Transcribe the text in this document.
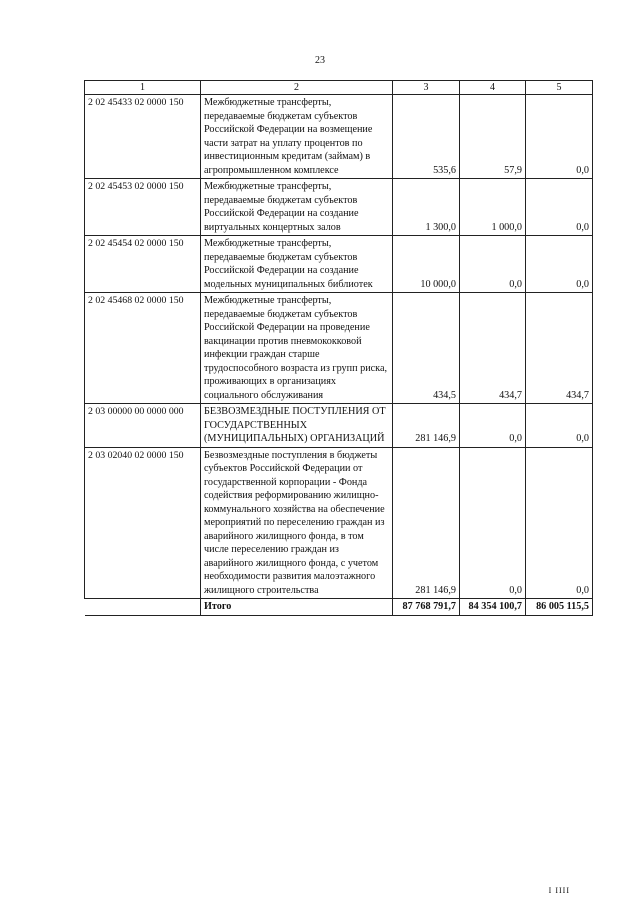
23
1	2	3	4	5
2 02 45433 02 0000 150	Межбюджетные трансферты, передаваемые бюджетам субъектов Российской Федерации на возмещение части затрат на уплату процентов по инвестиционным кредитам (займам) в агропромышленном комплексе	535,6	57,9	0,0
2 02 45453 02 0000 150	Межбюджетные трансферты, передаваемые бюджетам субъектов Российской Федерации на создание виртуальных концертных залов	1 300,0	1 000,0	0,0
2 02 45454 02 0000 150	Межбюджетные трансферты, передаваемые бюджетам субъектов Российской Федерации на создание модельных муниципальных библиотек	10 000,0	0,0	0,0
2 02 45468 02 0000 150	Межбюджетные трансферты, передаваемые бюджетам субъектов Российской Федерации на проведение вакцинации против пневмококковой инфекции граждан старше трудоспособного возраста из групп риска, проживающих в организациях социального обслуживания	434,5	434,7	434,7
2 03 00000 00 0000 000	БЕЗВОЗМЕЗДНЫЕ ПОСТУПЛЕНИЯ ОТ ГОСУДАРСТВЕННЫХ (МУНИЦИПАЛЬНЫХ) ОРГАНИЗАЦИЙ	281 146,9	0,0	0,0
2 03 02040 02 0000 150	Безвозмездные поступления в бюджеты субъектов Российской Федерации от государственной корпорации - Фонда содействия реформированию жилищно-коммунального хозяйства на обеспечение мероприятий по переселению граждан из аварийного жилищного фонда, в том числе переселению граждан из аварийного жилищного фонда, с учетом необходимости развития малоэтажного жилищного строительства	281 146,9	0,0	0,0
	Итого	87 768 791,7	84 354 100,7	86 005 115,5
I IIII
